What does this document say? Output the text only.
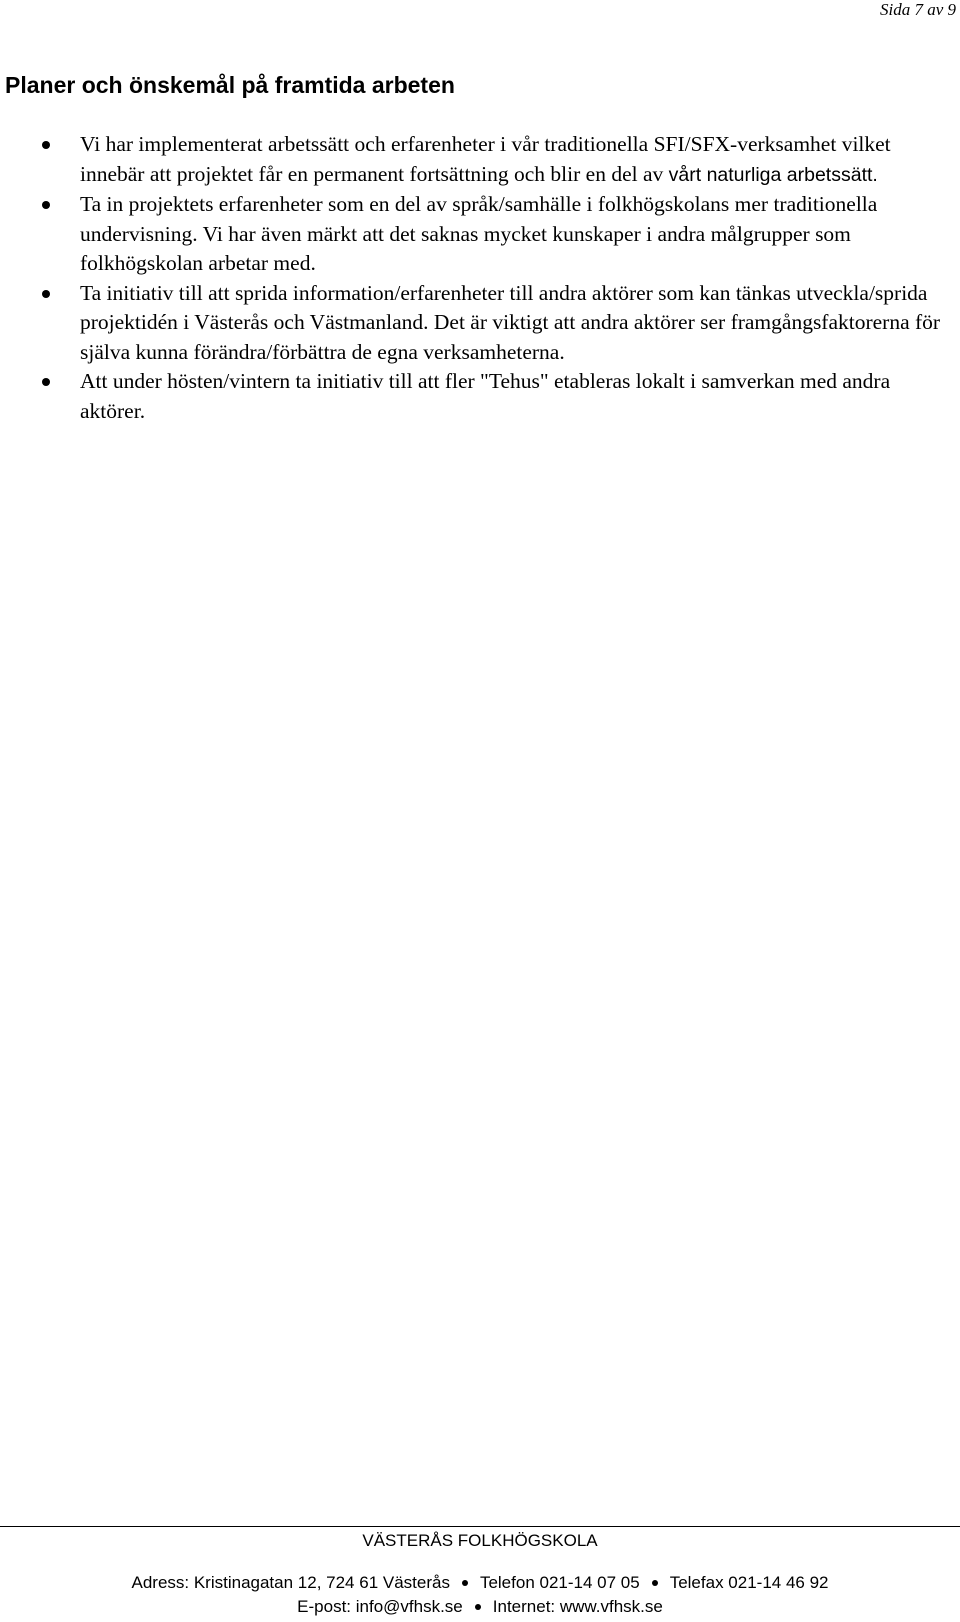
Sida 7 av 9
Planer och önskemål på framtida arbeten
Vi har implementerat arbetssätt och erfarenheter i vår traditionella SFI/SFX-verksamhet vilket innebär att projektet får en permanent fortsättning och blir en del av vårt naturliga arbetssätt.
Ta in projektets erfarenheter som en del av språk/samhälle i folkhögskolans mer traditionella undervisning. Vi har även märkt att det saknas mycket kunskaper i andra målgrupper som folkhögskolan arbetar med.
Ta initiativ till att sprida information/erfarenheter till andra aktörer som kan tänkas utveckla/sprida projektidén i Västerås och Västmanland. Det är viktigt att andra aktörer ser framgångsfaktorerna för själva kunna förändra/förbättra de egna verksamheterna.
Att under hösten/vintern ta initiativ till att fler "Tehus" etableras lokalt i samverkan med andra aktörer.
VÄSTERÅS FOLKHÖGSKOLA
Adress: Kristinagatan 12, 724 61 Västerås Telefon 021-14 07 05 Telefax 021-14 46 92
E-post: info@vfhsk.se Internet: www.vfhsk.se
